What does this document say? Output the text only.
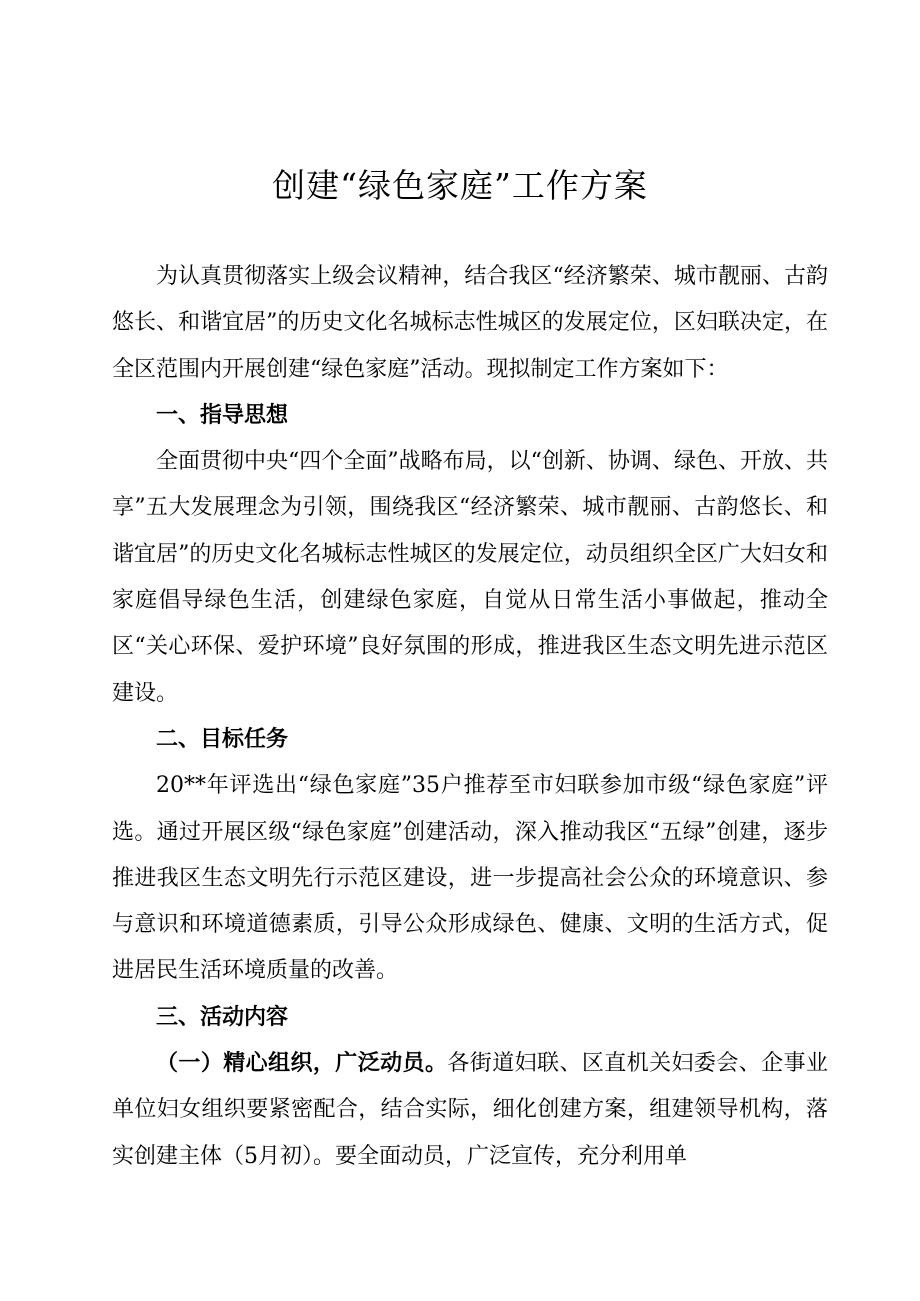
创建“绿色家庭”工作方案

为认真贯彻落实上级会议精神，结合我区“经济繁荣、城市靓丽、古韵悠长、和谐宜居”的历史文化名城标志性城区的发展定位，区妇联决定，在全区范围内开展创建“绿色家庭”活动。现拟制定工作方案如下：

一、指导思想

全面贯彻中央“四个全面”战略布局，以“创新、协调、绿色、开放、共享”五大发展理念为引领，围绕我区“经济繁荣、城市靓丽、古韵悠长、和谐宜居”的历史文化名城标志性城区的发展定位，动员组织全区广大妇女和家庭倡导绿色生活，创建绿色家庭，自觉从日常生活小事做起，推动全区“关心环保、爱护环境”良好氛围的形成，推进我区生态文明先进示范区建设。

二、目标任务

20**年评选出“绿色家庭”35户推荐至市妇联参加市级“绿色家庭”评选。通过开展区级“绿色家庭”创建活动，深入推动我区“五绿”创建，逐步推进我区生态文明先行示范区建设，进一步提高社会公众的环境意识、参与意识和环境道德素质，引导公众形成绿色、健康、文明的生活方式，促进居民生活环境质量的改善。

三、活动内容

（一）精心组织，广泛动员。各街道妇联、区直机关妇委会、企事业单位妇女组织要紧密配合，结合实际，细化创建方案，组建领导机构，落实创建主体（5月初）。要全面动员，广泛宣传，充分利用单
